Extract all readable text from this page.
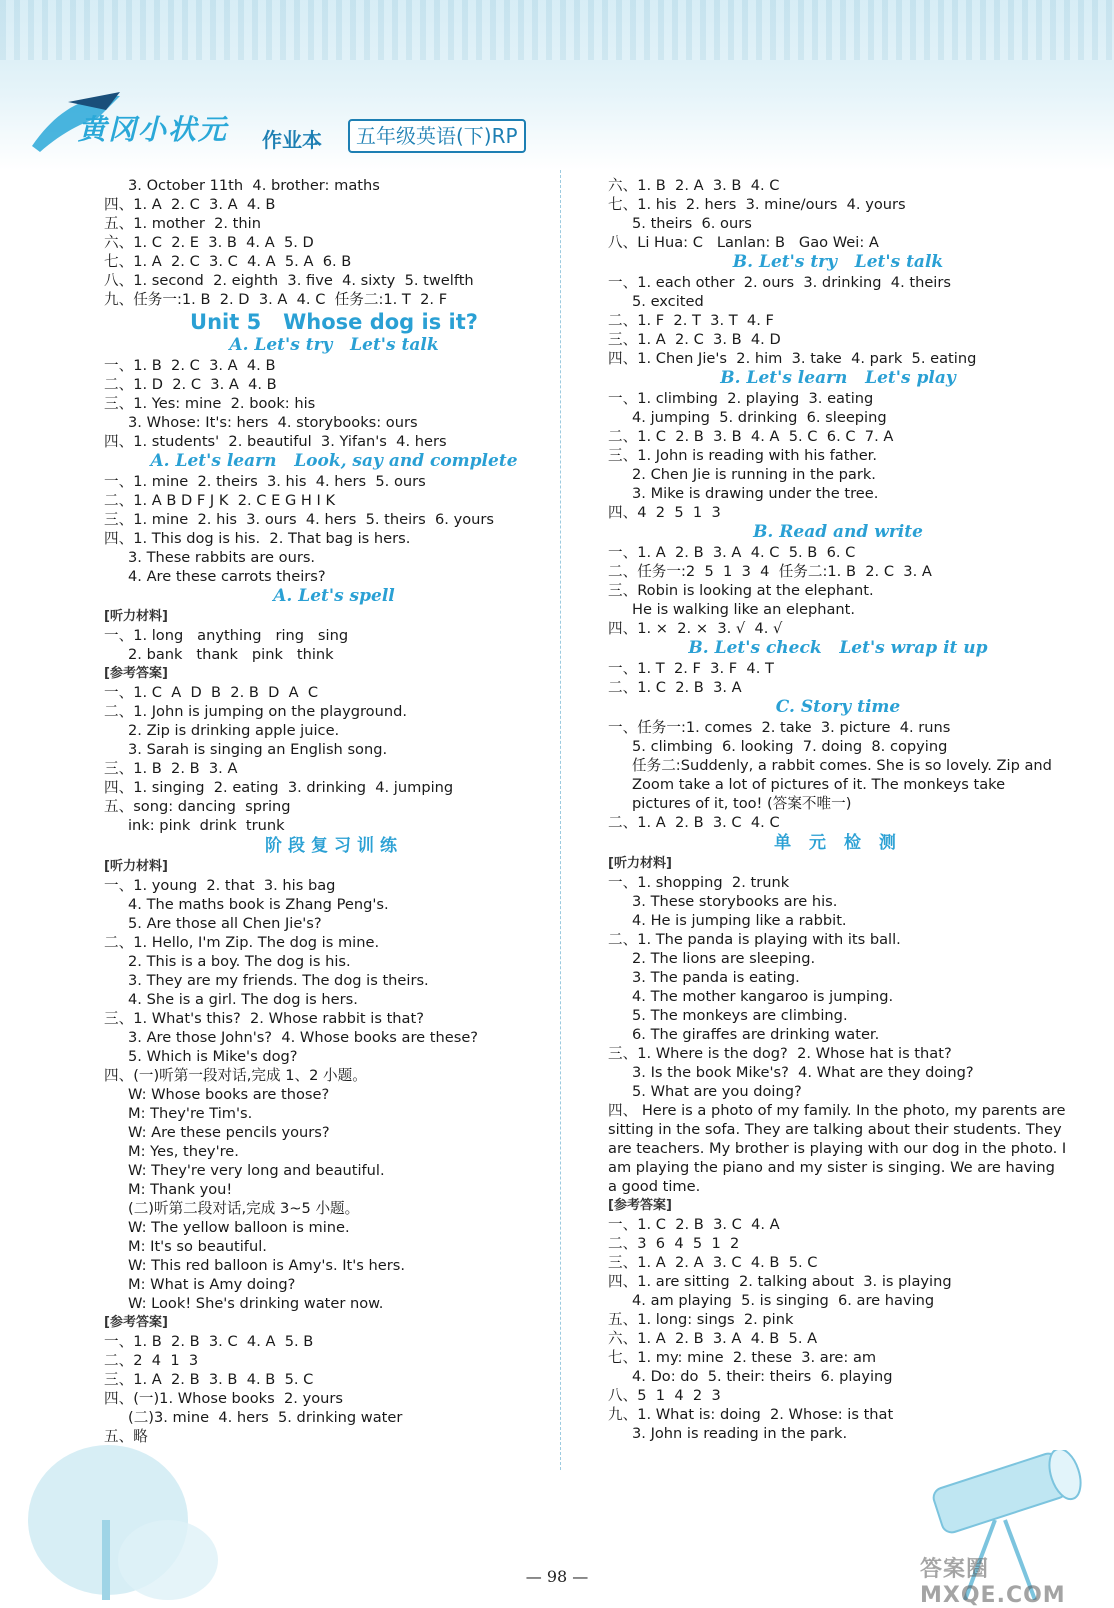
黄冈小状元 作业本	五年级英语(下)RP
3. October 11th  4. brother: maths
四、1. A  2. C  3. A  4. B
五、1. mother  2. thin
六、1. C  2. E  3. B  4. A  5. D
七、1. A  2. C  3. C  4. A  5. A  6. B
八、1. second  2. eighth  3. five  4. sixty  5. twelfth
九、任务一:1. B  2. D  3. A  4. C  任务二:1. T  2. F
Unit 5   Whose dog is it?
A. Let's try   Let's talk
一、1. B  2. C  3. A  4. B
二、1. D  2. C  3. A  4. B
三、1. Yes: mine  2. book: his
3. Whose: It's: hers  4. storybooks: ours
四、1. students'  2. beautiful  3. Yifan's  4. hers
A. Let's learn   Look, say and complete
一、1. mine  2. theirs  3. his  4. hers  5. ours
二、1. A B D F J K  2. C E G H I K
三、1. mine  2. his  3. ours  4. hers  5. theirs  6. yours
四、1. This dog is his.  2. That bag is hers.
3. These rabbits are ours.
4. Are these carrots theirs?
A. Let's spell
[听力材料]
一、1. long   anything   ring   sing
2. bank   thank   pink   think
[参考答案]
一、1. C  A  D  B  2. B  D  A  C
二、1. John is jumping on the playground.
2. Zip is drinking apple juice.
3. Sarah is singing an English song.
三、1. B  2. B  3. A
四、1. singing  2. eating  3. drinking  4. jumping
五、song: dancing  spring
ink: pink  drink  trunk
阶段复习训练
[听力材料]
一、1. young  2. that  3. his bag
4. The maths book is Zhang Peng's.
5. Are those all Chen Jie's?
二、1. Hello, I'm Zip. The dog is mine.
2. This is a boy. The dog is his.
3. They are my friends. The dog is theirs.
4. She is a girl. The dog is hers.
三、1. What's this?  2. Whose rabbit is that?
3. Are those John's?  4. Whose books are these?
5. Which is Mike's dog?
四、(一)听第一段对话,完成 1、2 小题。
W: Whose books are those?
M: They're Tim's.
W: Are these pencils yours?
M: Yes, they're.
W: They're very long and beautiful.
M: Thank you!
(二)听第二段对话,完成 3~5 小题。
W: The yellow balloon is mine.
M: It's so beautiful.
W: This red balloon is Amy's. It's hers.
M: What is Amy doing?
W: Look! She's drinking water now.
[参考答案]
一、1. B  2. B  3. C  4. A  5. B
二、2  4  1  3
三、1. A  2. B  3. B  4. B  5. C
四、(一)1. Whose books  2. yours
(二)3. mine  4. hers  5. drinking water
五、略
六、1. B  2. A  3. B  4. C
七、1. his  2. hers  3. mine/ours  4. yours
5. theirs  6. ours
八、Li Hua: C   Lanlan: B   Gao Wei: A
B. Let's try   Let's talk
一、1. each other  2. ours  3. drinking  4. theirs
5. excited
二、1. F  2. T  3. T  4. F
三、1. A  2. C  3. B  4. D
四、1. Chen Jie's  2. him  3. take  4. park  5. eating
B. Let's learn   Let's play
一、1. climbing  2. playing  3. eating
4. jumping  5. drinking  6. sleeping
二、1. C  2. B  3. B  4. A  5. C  6. C  7. A
三、1. John is reading with his father.
2. Chen Jie is running in the park.
3. Mike is drawing under the tree.
四、4  2  5  1  3
B. Read and write
一、1. A  2. B  3. A  4. C  5. B  6. C
二、任务一:2  5  1  3  4  任务二:1. B  2. C  3. A
三、Robin is looking at the elephant.
He is walking like an elephant.
四、1. ×  2. ×  3. √  4. √
B. Let's check   Let's wrap it up
一、1. T  2. F  3. F  4. T
二、1. C  2. B  3. A
C. Story time
一、任务一:1. comes  2. take  3. picture  4. runs
5. climbing  6. looking  7. doing  8. copying
任务二:Suddenly, a rabbit comes. She is so lovely. Zip and Zoom take a lot of pictures of it. The monkeys take pictures of it, too! (答案不唯一)
二、1. A  2. B  3. C  4. C
单 元 检 测
[听力材料]
一、1. shopping  2. trunk
3. These storybooks are his.
4. He is jumping like a rabbit.
二、1. The panda is playing with its ball.
2. The lions are sleeping.
3. The panda is eating.
4. The mother kangaroo is jumping.
5. The monkeys are climbing.
6. The giraffes are drinking water.
三、1. Where is the dog?  2. Whose hat is that?
3. Is the book Mike's?  4. What are they doing?
5. What are you doing?
四、 Here is a photo of my family. In the photo, my parents are sitting in the sofa. They are talking about their students. They are teachers. My brother is playing with our dog in the photo. I am playing the piano and my sister is singing. We are having a good time.
[参考答案]
一、1. C  2. B  3. C  4. A
二、3  6  4  5  1  2
三、1. A  2. A  3. C  4. B  5. C
四、1. are sitting  2. talking about  3. is playing
4. am playing  5. is singing  6. are having
五、1. long: sings  2. pink
六、1. A  2. B  3. A  4. B  5. A
七、1. my: mine  2. these  3. are: am
4. Do: do  5. their: theirs  6. playing
八、5  1  4  2  3
九、1. What is: doing  2. Whose: is that
3. John is reading in the park.
— 98 —	答案圈 MXQE.COM
